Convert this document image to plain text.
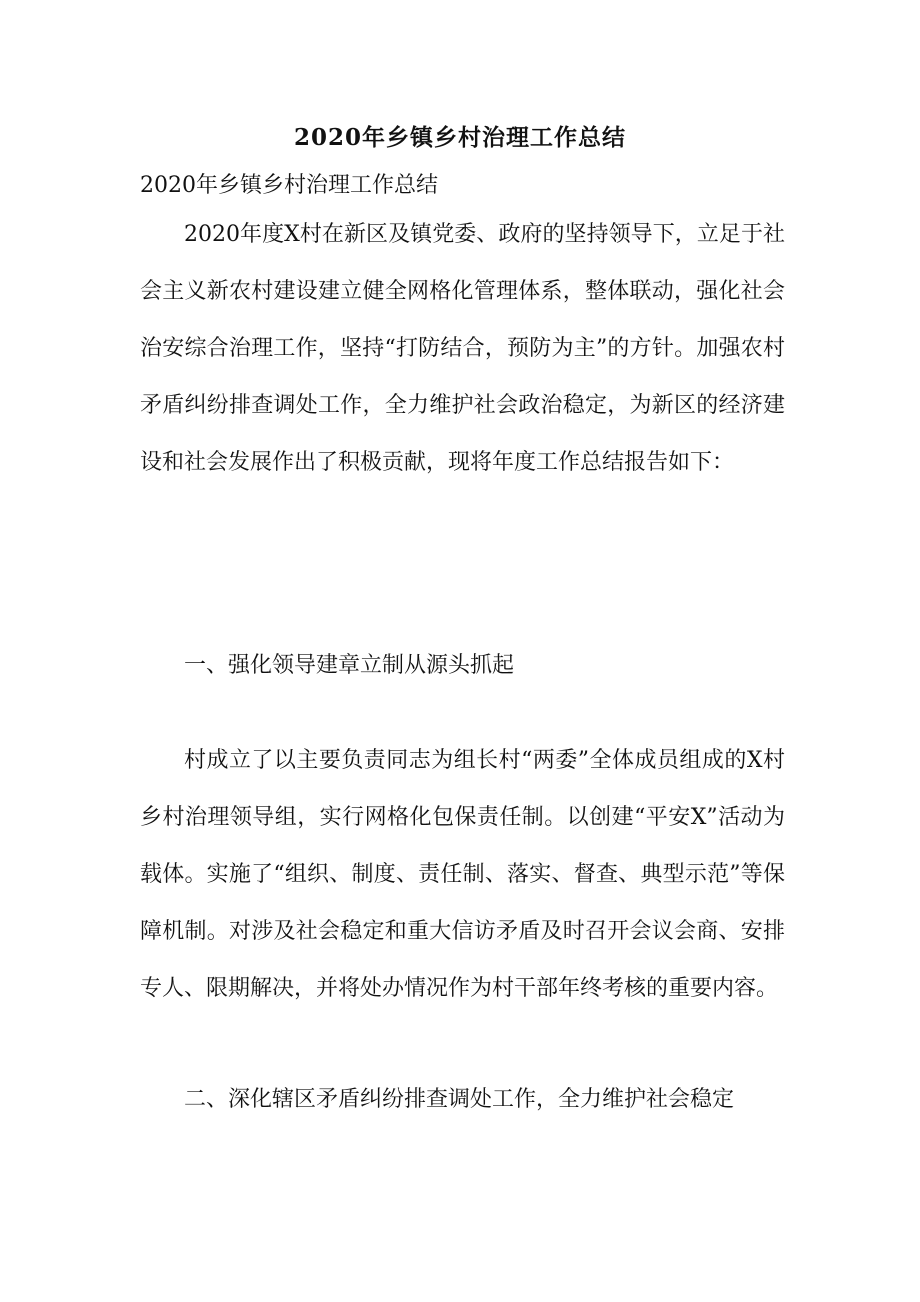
2020年乡镇乡村治理工作总结
2020年乡镇乡村治理工作总结

2020年度X村在新区及镇党委、政府的坚持领导下，立足于社会主义新农村建设建立健全网格化管理体系，整体联动，强化社会治安综合治理工作，坚持“打防结合，预防为主”的方针。加强农村矛盾纠纷排查调处工作，全力维护社会政治稳定，为新区的经济建设和社会发展作出了积极贡献，现将年度工作总结报告如下：

一、强化领导建章立制从源头抓起

村成立了以主要负责同志为组长村“两委”全体成员组成的X村乡村治理领导组，实行网格化包保责任制。以创建“平安X”活动为载体。实施了“组织、制度、责任制、落实、督查、典型示范”等保障机制。对涉及社会稳定和重大信访矛盾及时召开会议会商、安排专人、限期解决，并将处办情况作为村干部年终考核的重要内容。

二、深化辖区矛盾纠纷排查调处工作，全力维护社会稳定
